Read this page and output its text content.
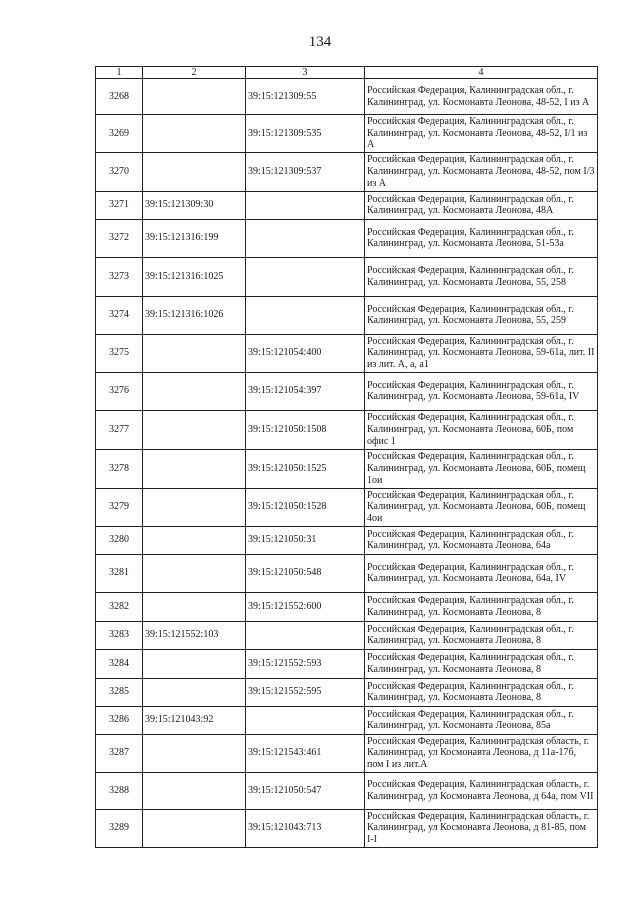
134
1	2	3	4
3268		39:15:121309:55	Российская Федерация, Калининградская обл., г. Калининград, ул. Космонавта Леонова, 48-52, I из А
3269		39:15:121309:535	Российская Федерация, Калининградская обл., г. Калининград, ул. Космонавта Леонова, 48-52, I/1 из А
3270		39:15:121309:537	Российская Федерация, Калининградская обл., г. Калининград, ул. Космонавта Леонова, 48-52, пом I/3 из А
3271	39:15:121309:30		Российская Федерация, Калининградская обл., г. Калининград, ул. Космонавта Леонова, 48А
3272	39:15:121316:199		Российская Федерация, Калининградская обл., г. Калининград, ул. Космонавта Леонова, 51-53а
3273	39:15:121316:1025		Российская Федерация, Калининградская обл., г. Калининград, ул. Космонавта Леонова, 55, 258
3274	39:15:121316:1026		Российская Федерация, Калининградская обл., г. Калининград, ул. Космонавта Леонова, 55, 259
3275		39:15:121054:400	Российская Федерация, Калининградская обл., г. Калининград, ул. Космонавта Леонова, 59-61а, лит. II из лит. А, а, а1
3276		39:15:121054:397	Российская Федерация, Калининградская обл., г. Калининград, ул. Космонавта Леонова, 59-61а, IV
3277		39:15:121050:1508	Российская Федерация, Калининградская обл., г. Калининград, ул. Космонавта Леонова, 60Б, пом офис 1
3278		39:15:121050:1525	Российская Федерация, Калининградская обл., г. Калининград, ул. Космонавта Леонова, 60Б, помещ 1ои
3279		39:15:121050:1528	Российская Федерация, Калининградская обл., г. Калининград, ул. Космонавта Леонова, 60Б, помещ 4ои
3280		39:15:121050:31	Российская Федерация, Калининградская обл., г. Калининград, ул. Космонавта Леонова, 64а
3281		39:15:121050:548	Российская Федерация, Калининградская обл., г. Калининград, ул. Космонавта Леонова, 64а, IV
3282		39:15:121552:600	Российская Федерация, Калининградская обл., г. Калининград, ул. Космонавта Леонова, 8
3283	39:15:121552:103		Российская Федерация, Калининградская обл., г. Калининград, ул. Космонавта Леонова, 8
3284		39:15:121552:593	Российская Федерация, Калининградская обл., г. Калининград, ул. Космонавта Леонова, 8
3285		39:15:121552:595	Российская Федерация, Калининградская обл., г. Калининград, ул. Космонавта Леонова, 8
3286	39:15:121043:92		Российская Федерация, Калининградская обл., г. Калининград, ул. Космонавта Леонова, 85а
3287		39:15:121543:461	Российская Федерация, Калининградская область, г. Калининград, ул Космонавта Леонова, д 11а-17б, пом I из лит.А
3288		39:15:121050:547	Российская Федерация, Калининградская область, г. Калининград, ул Космонавта Леонова, д 64а, пом VII
3289		39:15:121043:713	Российская Федерация, Калининградская область, г. Калининград, ул Космонавта Леонова, д 81-85, пом I-I
